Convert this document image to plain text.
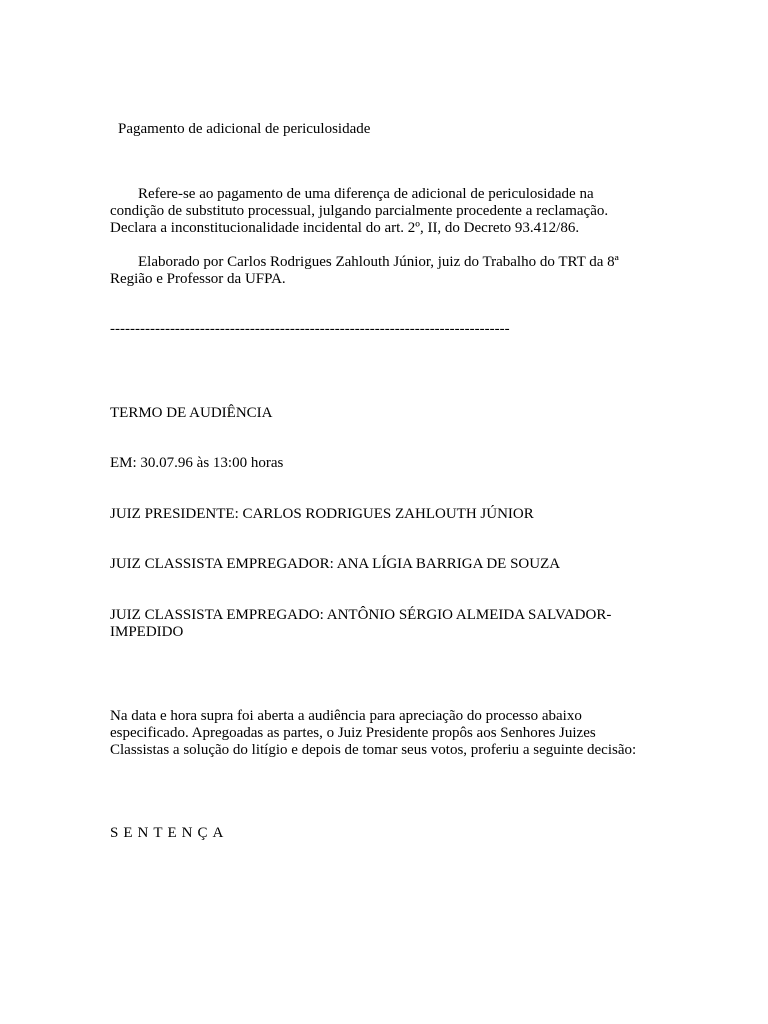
Pagamento de adicional de periculosidade

Refere-se ao pagamento de uma diferença de adicional de periculosidade na
condição de substituto processual, julgando parcialmente procedente a reclamação.
Declara a inconstitucionalidade incidental do art. 2º, II, do Decreto 93.412/86.
Elaborado por Carlos Rodrigues Zahlouth Júnior, juiz do Trabalho do TRT da 8ª
Região e Professor da UFPA.

--------------------------------------------------------------------------------

TERMO DE AUDIÊNCIA

EM: 30.07.96 às 13:00 horas

JUIZ PRESIDENTE: CARLOS RODRIGUES ZAHLOUTH JÚNIOR

JUIZ CLASSISTA EMPREGADOR: ANA LÍGIA BARRIGA DE SOUZA

JUIZ CLASSISTA EMPREGADO: ANTÔNIO SÉRGIO ALMEIDA SALVADOR-
IMPEDIDO
Na data e hora supra foi aberta a audiência para apreciação do processo abaixo
especificado. Apregoadas as partes, o Juiz Presidente propôs aos Senhores Juizes
Classistas a solução do litígio e depois de tomar seus votos, proferiu a seguinte decisão:

SENTENÇA
